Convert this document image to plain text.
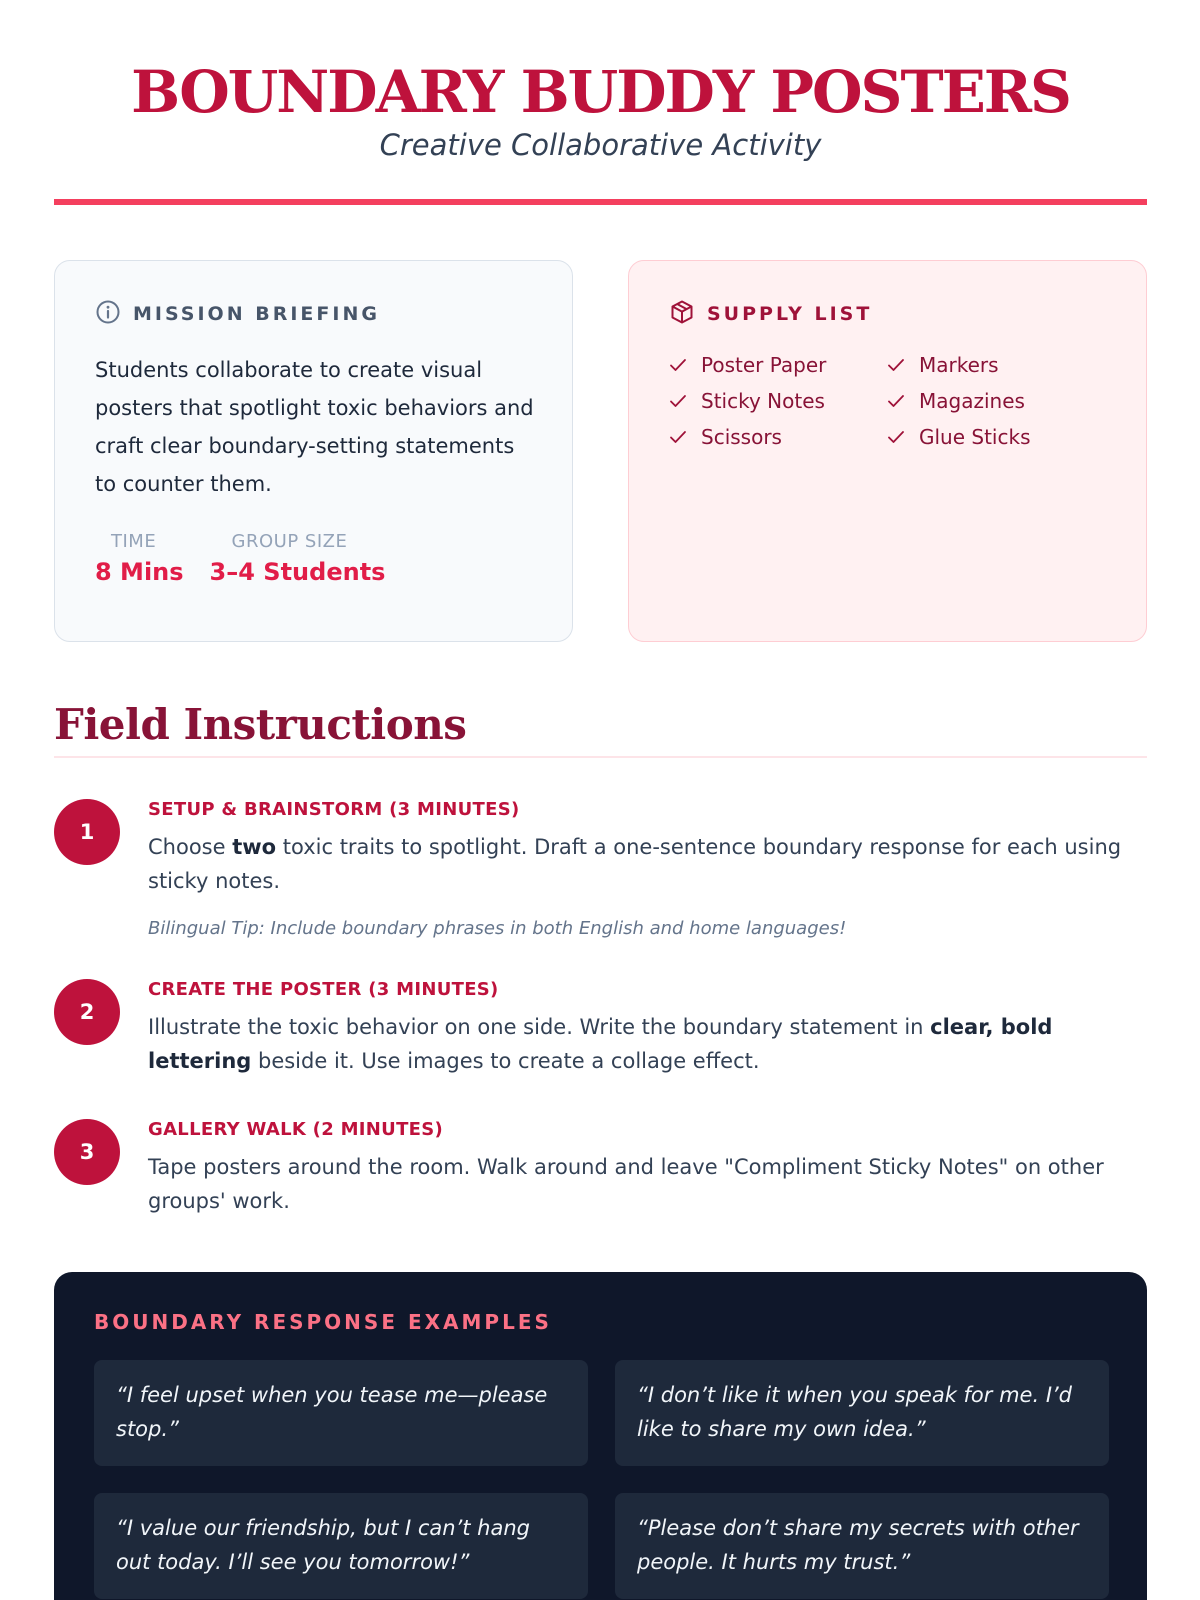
BOUNDARY BUDDY POSTERS
Creative Collaborative Activity
MISSION BRIEFING

Students collaborate to create visual posters that spotlight toxic behaviors and craft clear boundary-setting statements to counter them.

TIME
8 Mins
GROUP SIZE
3–4 Students
SUPPLY LIST
Poster Paper	Markers
Sticky Notes	Magazines
Scissors	Glue Sticks
Field Instructions
1
SETUP & BRAINSTORM (3 MINUTES)

Choose two toxic traits to spotlight. Draft a one-sentence boundary response for each using sticky notes.

Bilingual Tip: Include boundary phrases in both English and home languages!

2
CREATE THE POSTER (3 MINUTES)

Illustrate the toxic behavior on one side. Write the boundary statement in clear, bold lettering beside it. Use images to create a collage effect.

3
GALLERY WALK (2 MINUTES)

Tape posters around the room. Walk around and leave "Compliment Sticky Notes" on other groups' work.

BOUNDARY RESPONSE EXAMPLES
“I feel upset when you tease me—please stop.”
“I don’t like it when you speak for me. I’d like to share my own idea.”
“I value our friendship, but I can’t hang out today. I’ll see you tomorrow!”
“Please don’t share my secrets with other people. It hurts my trust.”
